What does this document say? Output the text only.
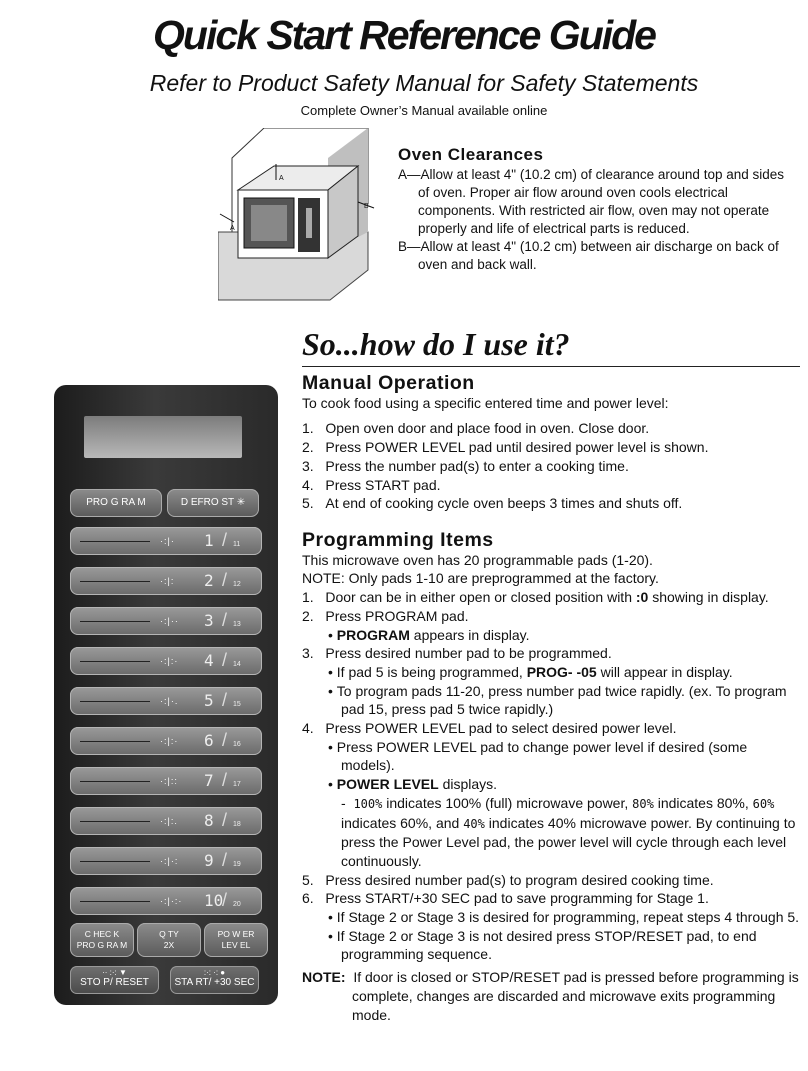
Quick Start Reference Guide
Refer to Product Safety Manual for Safety Statements
Complete Owner’s Manual available online
A
A
B
Oven Clearances

A—Allow at least 4" (10.2 cm) of clearance around top and sides of oven. Proper air flow around oven cools electrical components. With restricted air flow, oven may not operate properly and life of electrical parts is reduced.

B—Allow at least 4" (10.2 cm) between air discharge on back of oven and back wall.

So...how do I use it?
PRO G RA M	D EFRO ST ✳
·:|· 1 / 11
·:|: 2 / 12
·:|·· 3 / 13
·:|:· 4 / 14
·:|·. 5 / 15
·:|:· 6 / 16
·:|:: 7 / 17
·:|:. 8 / 18
·:|·: 9 / 19
·:|·:· 10
/ 20
C HEC K
PRO G RA M
Q TY
2X
PO W ER
LEV EL
·· :·: ▼
STO P/ RESET
:·: ·: ●
STA RT/ +30 SEC
Manual Operation

To cook food using a specific entered time and power level:

1. Open oven door and place food in oven. Close door.

2. Press POWER LEVEL pad until desired power level is shown.

3. Press the number pad(s) to enter a cooking time.

4. Press START pad.

5. At end of cooking cycle oven beeps 3 times and shuts off.

Programming Items

This microwave oven has 20 programmable pads (1-20).

NOTE: Only pads 1-10 are preprogrammed at the factory.

1. Door can be in either open or closed position with :0 showing in display.

2. Press PROGRAM pad.

• PROGRAM appears in display.

3. Press desired number pad to be programmed.

• If pad 5 is being programmed, PROG- -05 will appear in display.

• To program pads 11-20, press number pad twice rapidly. (ex. To program pad 15, press pad 5 twice rapidly.)

4. Press POWER LEVEL pad to select desired power level.

• Press POWER LEVEL pad to change power level if desired (some models).

• POWER LEVEL displays.

- 100% indicates 100% (full) microwave power, 80% indicates 80%, 60% indicates 60%, and 40% indicates 40% microwave power. By continuing to press the Power Level pad, the power level will cycle through each level continuously.

5. Press desired number pad(s) to program desired cooking time.

6. Press START/+30 SEC pad to save programming for Stage 1.

• If Stage 2 or Stage 3 is desired for programming, repeat steps 4 through 5.

• If Stage 2 or Stage 3 is not desired press STOP/RESET pad, to end programming sequence.

NOTE: If door is closed or STOP/RESET pad is pressed before programming is complete, changes are discarded and microwave exits programming mode.
